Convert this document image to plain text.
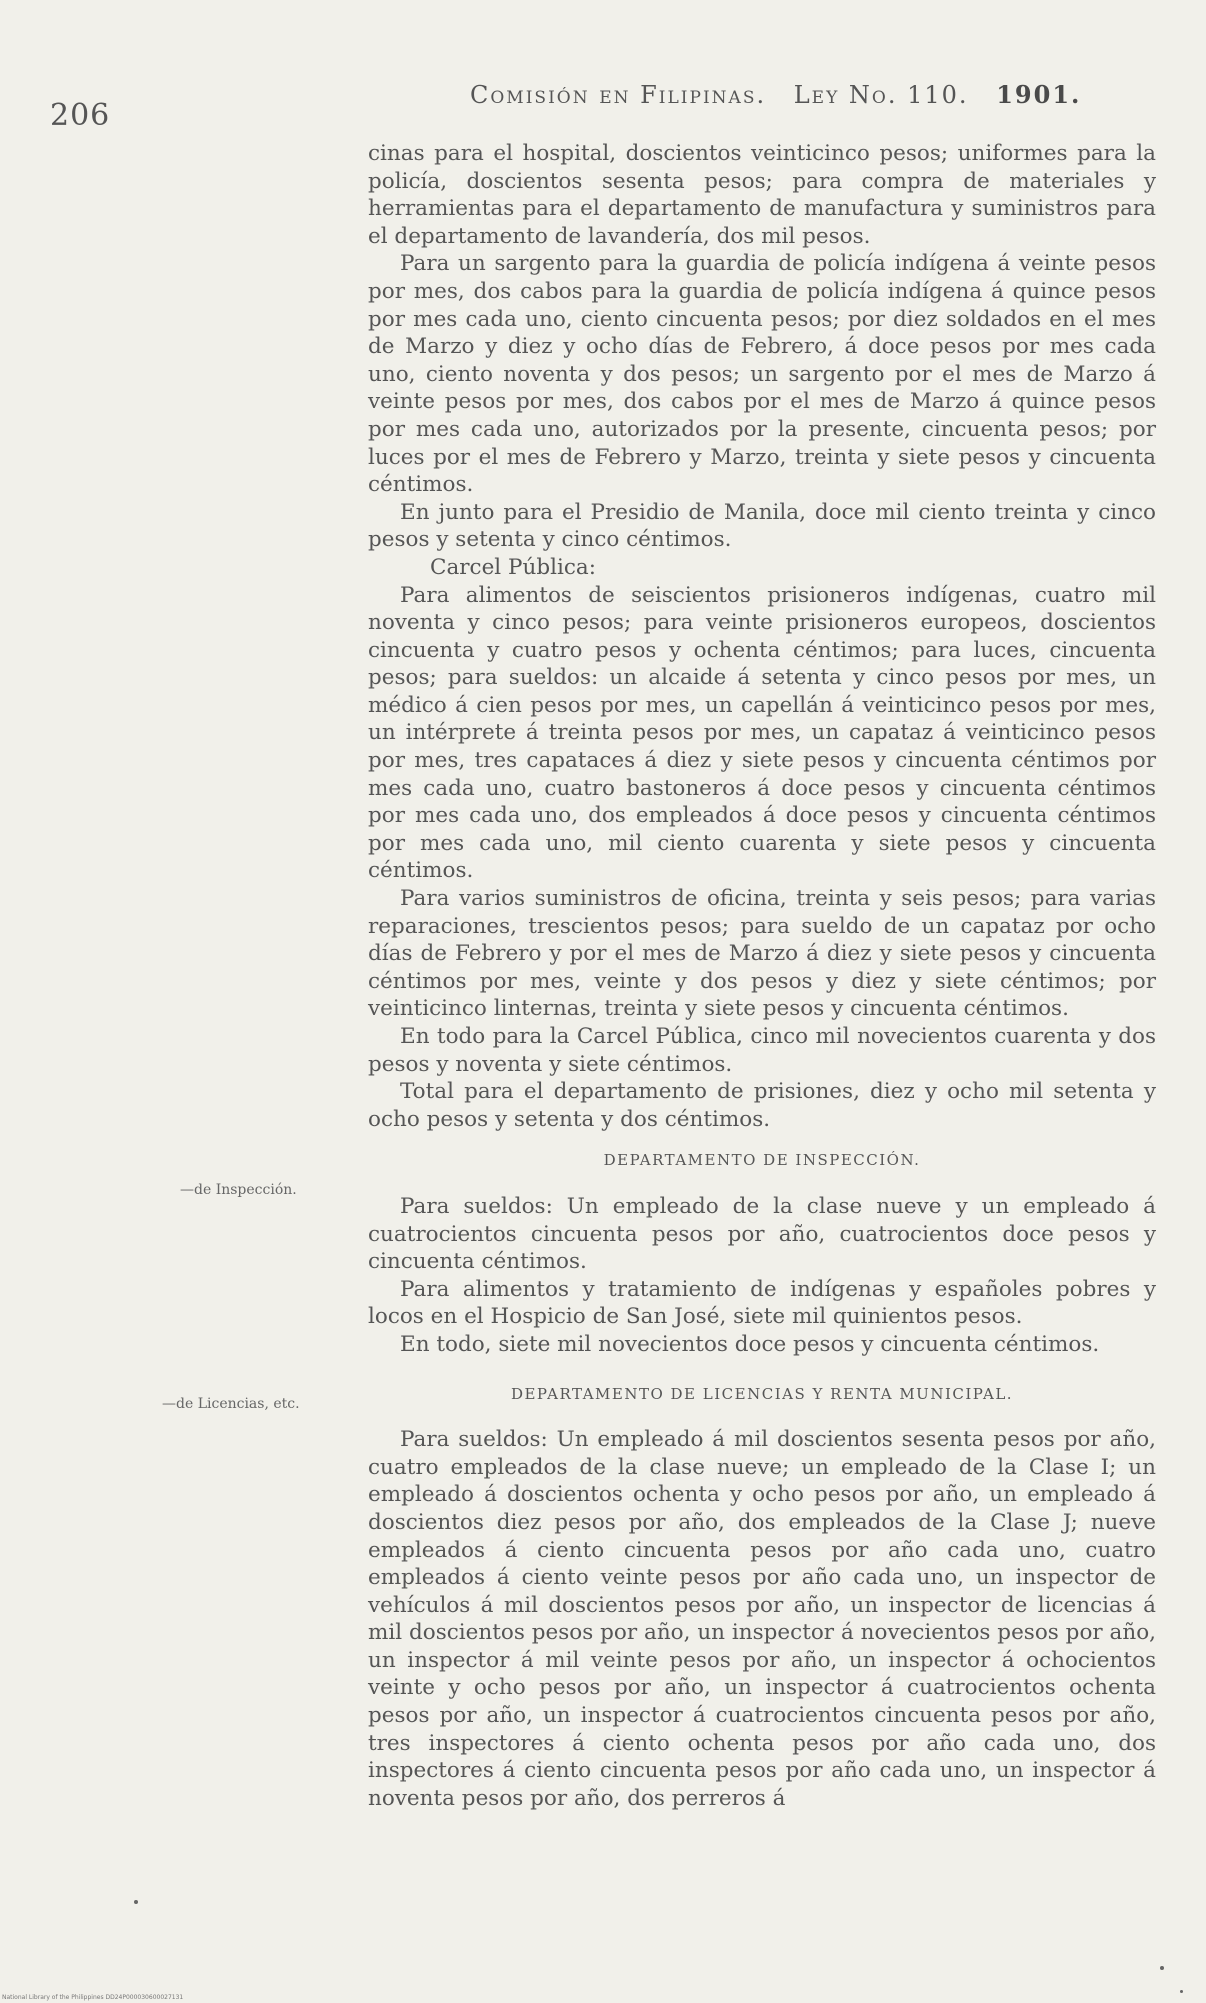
206
Comisión en Filipinas. Ley No. 110. 1901.
—de Inspección.
—de Licencias, etc.

cinas para el hospital, doscientos veinticinco pesos; uniformes para la policía, doscientos sesenta pesos; para compra de materiales y herramientas para el departamento de manufactura y suministros para el departamento de lavandería, dos mil pesos.

Para un sargento para la guardia de policía indígena á veinte pesos por mes, dos cabos para la guardia de policía indígena á quince pesos por mes cada uno, ciento cincuenta pesos; por diez soldados en el mes de Marzo y diez y ocho días de Febrero, á doce pesos por mes cada uno, ciento noventa y dos pesos; un sargento por el mes de Marzo á veinte pesos por mes, dos cabos por el mes de Marzo á quince pesos por mes cada uno, autorizados por la presente, cincuenta pesos; por luces por el mes de Febrero y Marzo, treinta y siete pesos y cincuenta céntimos.

En junto para el Presidio de Manila, doce mil ciento treinta y cinco pesos y setenta y cinco céntimos.

Carcel Pública:

Para alimentos de seiscientos prisioneros indígenas, cuatro mil noventa y cinco pesos; para veinte prisioneros europeos, doscientos cincuenta y cuatro pesos y ochenta céntimos; para luces, cincuenta pesos; para sueldos: un alcaide á setenta y cinco pesos por mes, un médico á cien pesos por mes, un capellán á veinticinco pesos por mes, un intérprete á treinta pesos por mes, un capataz á veinticinco pesos por mes, tres capataces á diez y siete pesos y cincuenta céntimos por mes cada uno, cuatro bastoneros á doce pesos y cincuenta céntimos por mes cada uno, dos empleados á doce pesos y cincuenta céntimos por mes cada uno, mil ciento cuarenta y siete pesos y cincuenta céntimos.

Para varios suministros de oficina, treinta y seis pesos; para varias reparaciones, trescientos pesos; para sueldo de un capataz por ocho días de Febrero y por el mes de Marzo á diez y siete pesos y cincuenta céntimos por mes, veinte y dos pesos y diez y siete céntimos; por veinticinco linternas, treinta y siete pesos y cincuenta céntimos.

En todo para la Carcel Pública, cinco mil novecientos cuarenta y dos pesos y noventa y siete céntimos.

Total para el departamento de prisiones, diez y ocho mil setenta y ocho pesos y setenta y dos céntimos.

DEPARTAMENTO DE INSPECCIÓN.

Para sueldos: Un empleado de la clase nueve y un empleado á cuatrocientos cincuenta pesos por año, cuatrocientos doce pesos y cincuenta céntimos.

Para alimentos y tratamiento de indígenas y españoles pobres y locos en el Hospicio de San José, siete mil quinientos pesos.

En todo, siete mil novecientos doce pesos y cincuenta céntimos.

DEPARTAMENTO DE LICENCIAS Y RENTA MUNICIPAL.

Para sueldos: Un empleado á mil doscientos sesenta pesos por año, cuatro empleados de la clase nueve; un empleado de la Clase I; un empleado á doscientos ochenta y ocho pesos por año, un empleado á doscientos diez pesos por año, dos empleados de la Clase J; nueve empleados á ciento cincuenta pesos por año cada uno, cuatro empleados á ciento veinte pesos por año cada uno, un inspector de vehículos á mil doscientos pesos por año, un inspector de licencias á mil doscientos pesos por año, un inspector á novecientos pesos por año, un inspector á mil veinte pesos por año, un inspector á ochocientos veinte y ocho pesos por año, un inspector á cuatrocientos ochenta pesos por año, un inspector á cuatrocientos cincuenta pesos por año, tres inspectores á ciento ochenta pesos por año cada uno, dos inspectores á ciento cincuenta pesos por año cada uno, un inspector á noventa pesos por año, dos perreros á

National Library of the Philippines DD24P000030600027131
